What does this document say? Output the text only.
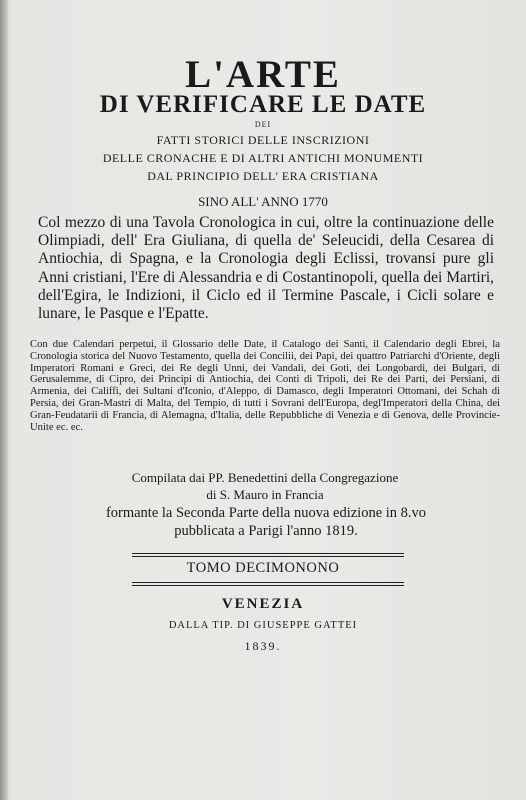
L'ARTE
DI VERIFICARE LE DATE
DEI
FATTI STORICI DELLE INSCRIZIONI
DELLE CRONACHE E DI ALTRI ANTICHI MONUMENTI
DAL PRINCIPIO DELL' ERA CRISTIANA
SINO ALL' ANNO 1770
Col mezzo di una Tavola Cronologica in cui, oltre la continuazione delle Olimpiadi, dell' Era Giuliana, di quella de' Seleucidi, della Cesarea di Antiochia, di Spagna, e la Cronologia degli Eclissi, trovansi pure gli Anni cristiani, l'Ere di Alessandria e di Costantinopoli, quella dei Martiri, dell'Egira, le Indizioni, il Ciclo ed il Termine Pascale, i Cicli solare e lunare, le Pasque e l'Epatte.
Con due Calendari perpetui, il Glossario delle Date, il Catalogo dei Santi, il Calendario degli Ebrei, la Cronologia storica del Nuovo Testamento, quella dei Concilii, dei Papi, dei quattro Patriarchi d'Oriente, degli Imperatori Romani e Greci, dei Re degli Unni, dei Vandali, dei Goti, dei Longobardi, dei Bulgari, di Gerusalemme, di Cipro, dei Principi di Antiochia, dei Conti di Tripoli, dei Re dei Parti, dei Persiani, di Armenia, dei Califfi, dei Sultani d'Iconio, d'Aleppo, di Damasco, degli Imperatori Ottomani, dei Schah di Persia, dei Gran-Mastri di Malta, del Tempio, di tutti i Sovrani dell'Europa, degl'Imperatori della China, dei Gran-Feudatarii di Francia, di Alemagna, d'Italia, delle Repubbliche di Venezia e di Genova, delle Provincie-Unite ec. ec.
Compilata dai PP. Benedettini della Congregazione
di S. Mauro in Francia
formante la Seconda Parte della nuova edizione in 8.vo
pubblicata a Parigi l'anno 1819.
TOMO DECIMONONO
VENEZIA
DALLA TIP. DI GIUSEPPE GATTEI
1839.
